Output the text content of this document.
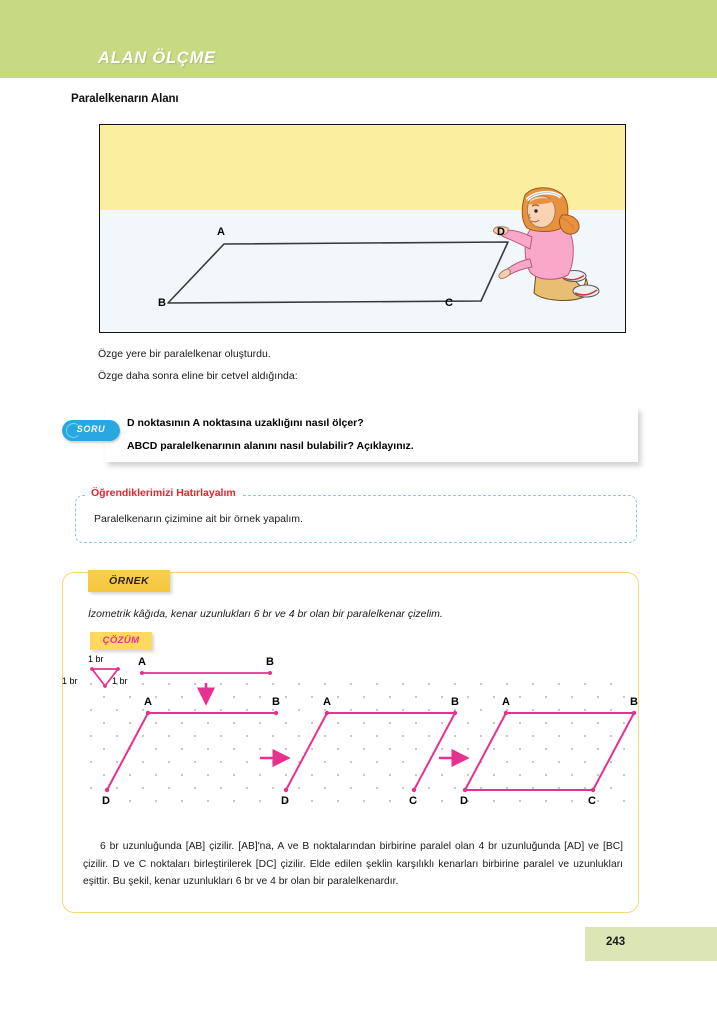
ALAN ÖLÇME
Paralelkenarın Alanı
A
B	C
D
Özge yere bir paralelkenar oluşturdu.
Özge daha sonra eline bir cetvel aldığında:
SORU	D noktasının A noktasına uzaklığını nasıl ölçer?
ABCD paralelkenarının alanını nasıl bulabilir? Açıklayınız.
Öğrendiklerimizi Hatırlayalım
Paralelkenarın çizimine ait bir örnek yapalım.
ÖRNEK
İzometrik kâğıda, kenar uzunlukları 6 br ve 4 br olan bir paralelkenar çizelim.
ÇÖZÜM
1 br
1 br	1 br
A	B
A	B
D
A	B
C
D
A	B
C
D
6 br uzunluğunda [AB] çizilir. [AB]'na, A ve B noktalarından birbirine paralel olan 4 br uzunluğunda [AD] ve [BC] çizilir. D ve C noktaları birleştirilerek [DC] çizilir. Elde edilen şeklin karşılıklı kenarları birbirine paralel ve uzunlukları eşittir. Bu şekil, kenar uzunlukları 6 br ve 4 br olan bir paralelkenardır.
243
